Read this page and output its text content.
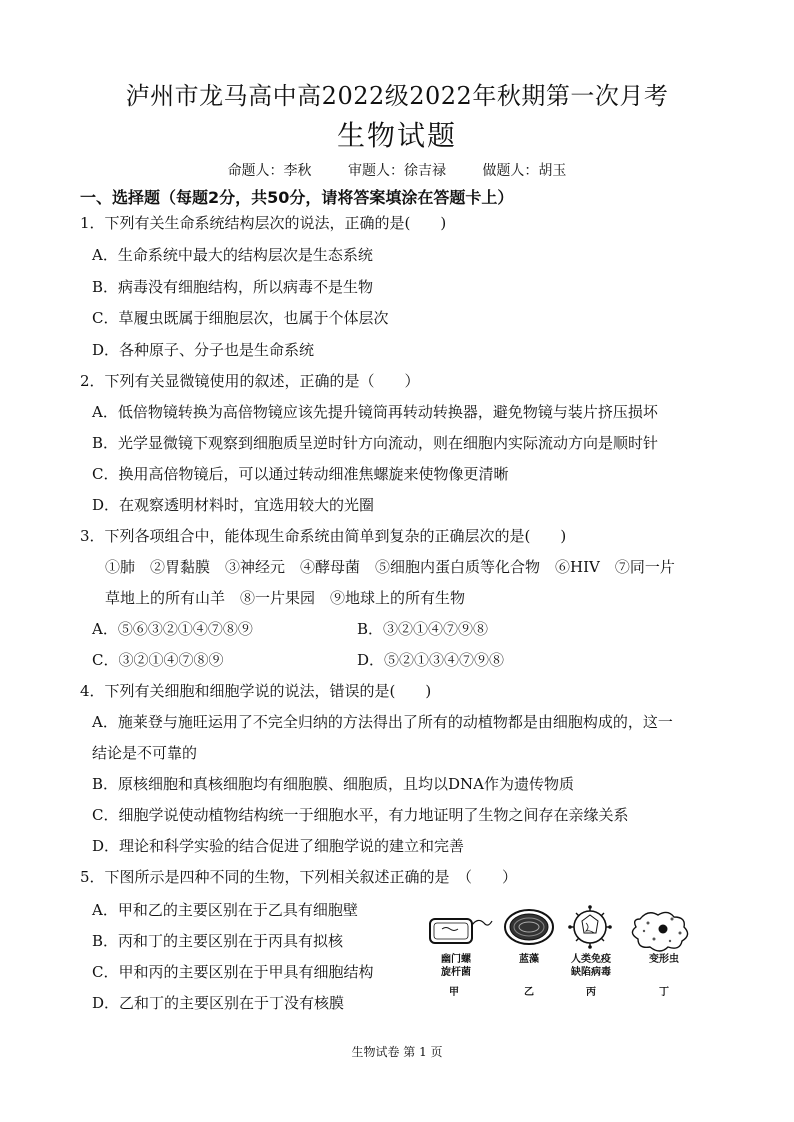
泸州市龙马高中高2022级2022年秋期第一次月考
生物试题
命题人：李秋	审题人：徐吉禄	做题人：胡玉
一、选择题（每题2分，共50分，请将答案填涂在答题卡上）
1．下列有关生命系统结构层次的说法，正确的是(　　)
A．生命系统中最大的结构层次是生态系统
B．病毒没有细胞结构，所以病毒不是生物
C．草履虫既属于细胞层次，也属于个体层次
D．各种原子、分子也是生命系统
2．下列有关显微镜使用的叙述，正确的是（　　）
A．低倍物镜转换为高倍物镜应该先提升镜筒再转动转换器，避免物镜与装片挤压损坏
B．光学显微镜下观察到细胞质呈逆时针方向流动，则在细胞内实际流动方向是顺时针
C．换用高倍物镜后，可以通过转动细准焦螺旋来使物像更清晰
D．在观察透明材料时，宜选用较大的光圈
3．下列各项组合中，能体现生命系统由简单到复杂的正确层次的是(　　)
①肺　②胃黏膜　③神经元　④酵母菌　⑤细胞内蛋白质等化合物　⑥HIV　⑦同一片
草地上的所有山羊　⑧一片果园　⑨地球上的所有生物
A．⑤⑥③②①④⑦⑧⑨	B．③②①④⑦⑨⑧
C．③②①④⑦⑧⑨	D．⑤②①③④⑦⑨⑧
4．下列有关细胞和细胞学说的说法，错误的是(　　)
A．施莱登与施旺运用了不完全归纳的方法得出了所有的动植物都是由细胞构成的，这一
结论是不可靠的
B．原核细胞和真核细胞均有细胞膜、细胞质，且均以DNA作为遗传物质
C．细胞学说使动植物结构统一于细胞水平，有力地证明了生物之间存在亲缘关系
D．理论和科学实验的结合促进了细胞学说的建立和完善
5．下图所示是四种不同的生物，下列相关叙述正确的是　（　　）
A．甲和乙的主要区别在于乙具有细胞壁
B．丙和丁的主要区别在于丙具有拟核
C．甲和丙的主要区别在于甲具有细胞结构
D．乙和丁的主要区别在于丁没有核膜
幽门螺
旋杆菌
蓝藻	人类免疫
缺陷病毒
变形虫
甲	乙	丙	丁
生物试卷 第 1 页
